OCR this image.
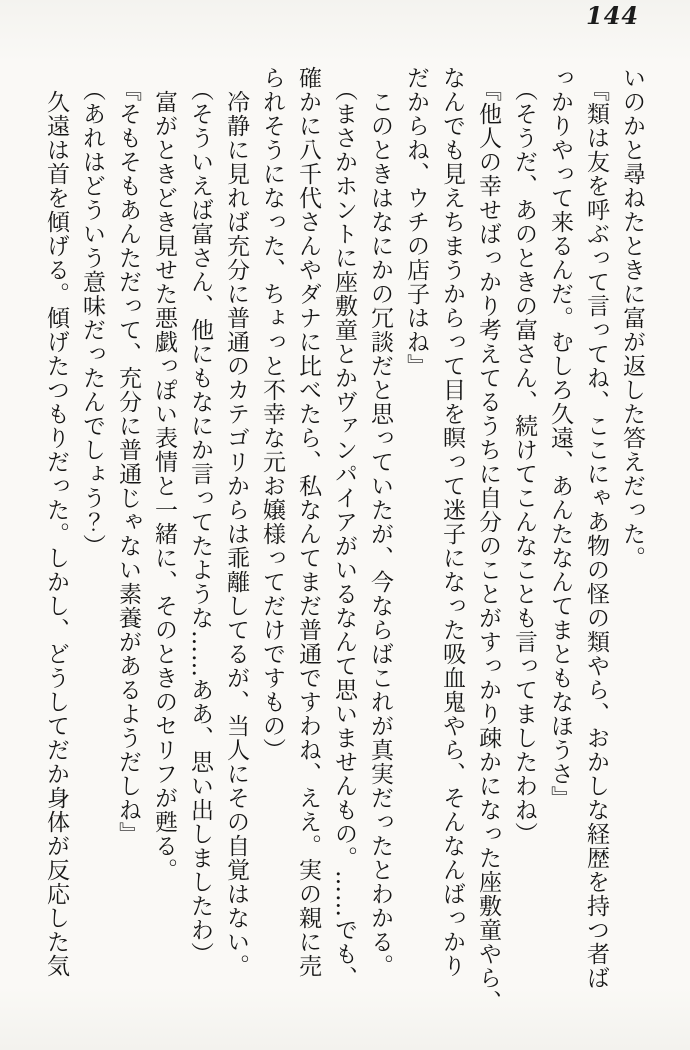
144
いのかと尋ねたときに富が返した答えだった。
『類は友を呼ぶって言ってね、ここにゃあ物の怪の類やら、おかしな経歴を持つ者ば
っかりやって来るんだ。むしろ久遠、あんたなんてまともなほうさ』
（そうだ、あのときの富さん、続けてこんなことも言ってましたわね）
『他人の幸せばっかり考えてるうちに自分のことがすっかり疎かになった座敷童やら、
なんでも見えちまうからって目を瞑って迷子になった吸血鬼やら、そんなんばっかり
だからね、ウチの店子はね』
このときはなにかの冗談だと思っていたが、今ならばこれが真実だったとわかる。
（まさかホントに座敷童とかヴァンパイアがいるなんて思いませんもの。……でも、
確かに八千代さんやダナに比べたら、私なんてまだ普通ですわね、ええ。実の親に売
られそうになった、ちょっと不幸な元お嬢様ってだけですもの）
冷静に見れば充分に普通のカテゴリからは乖離してるが、当人にその自覚はない。
（そういえば富さん、他にもなにか言ってたような……ああ、思い出しましたわ）
富がときどき見せた悪戯っぽい表情と一緒に、そのときのセリフが甦る。
『そもそもあんただって、充分に普通じゃない素養があるようだしね』
（あれはどういう意味だったんでしょう？）
久遠は首を傾げる。傾げたつもりだった。しかし、どうしてだか身体が反応した気
